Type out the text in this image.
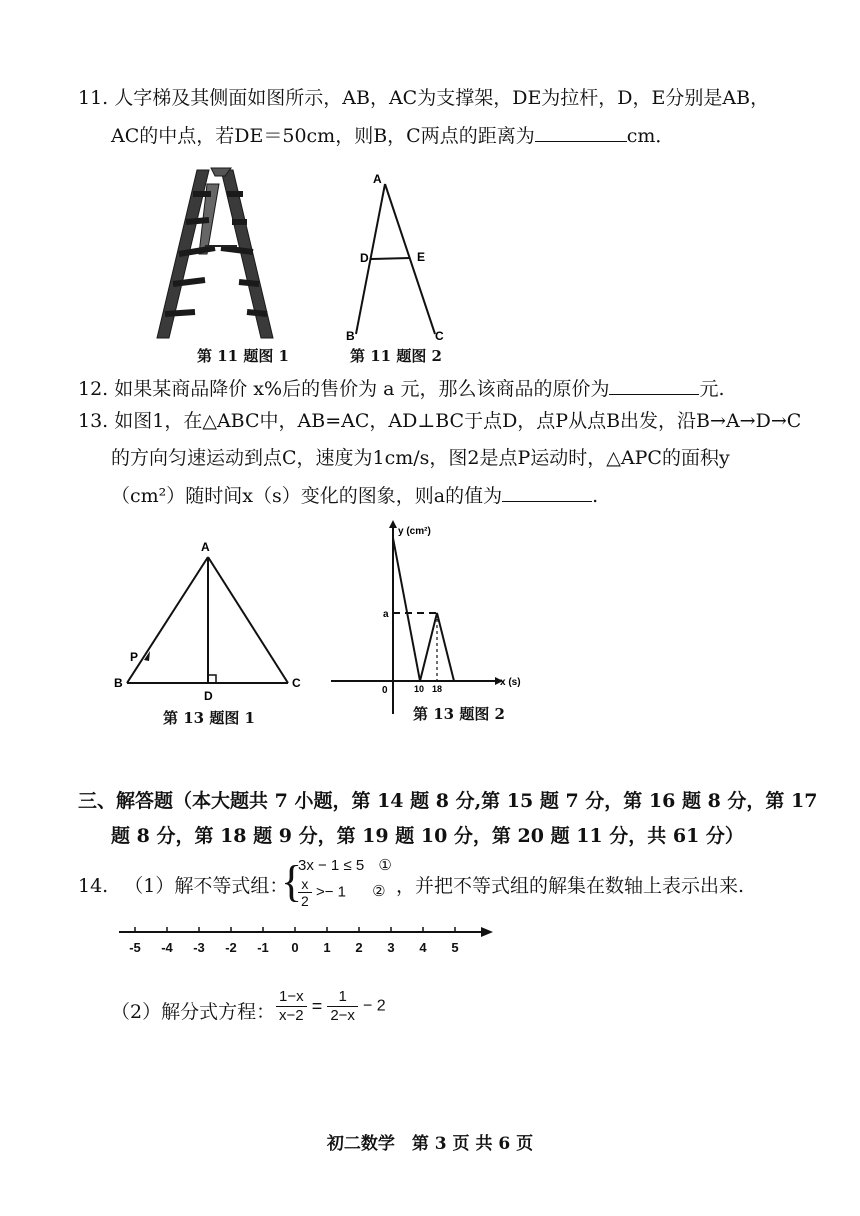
11. 人字梯及其侧面如图所示，AB，AC为支撑架，DE为拉杆，D，E分别是AB，
AC的中点，若DE＝50cm，则B，C两点的距离为	cm．
第 11 题图 1
A
D	E
B	C
第 11 题图 2
12. 如果某商品降价 x%后的售价为 a 元，那么该商品的原价为	元.
13. 如图1，在△ABC中，AB=AC，AD⊥BC于点D，点P从点B出发，沿B→A→D→C
的方向匀速运动到点C，速度为1cm/s，图2是点P运动时，△APC的面积y
（cm²）随时间x（s）变化的图象，则a的值为	.
A
P
B	C
D
第 13 题图 1
y (cm²)
x (s)
0
a
10 18
第 13 题图 2
三、解答题（本大题共 7 小题，第 14 题 8 分,第 15 题 7 分，第 16 题 8 分，第 17
题 8 分，第 18 题 9 分，第 19 题 10 分，第 20 题 11 分，共 61 分）
14. （1）解不等式组：
{
3x − 1 ≤ 5 ①
$\frac{x}{2} >- 1$ ② ，并把不等式组的解集在数轴上表示出来.
-5 -4 -3 -2 -1 0 1 2 3 4 5
（2）解分式方程： $\frac{1-x}{x-2} = \frac{1}{2-x} - 2$
初二数学　第 3 页 共 6 页
